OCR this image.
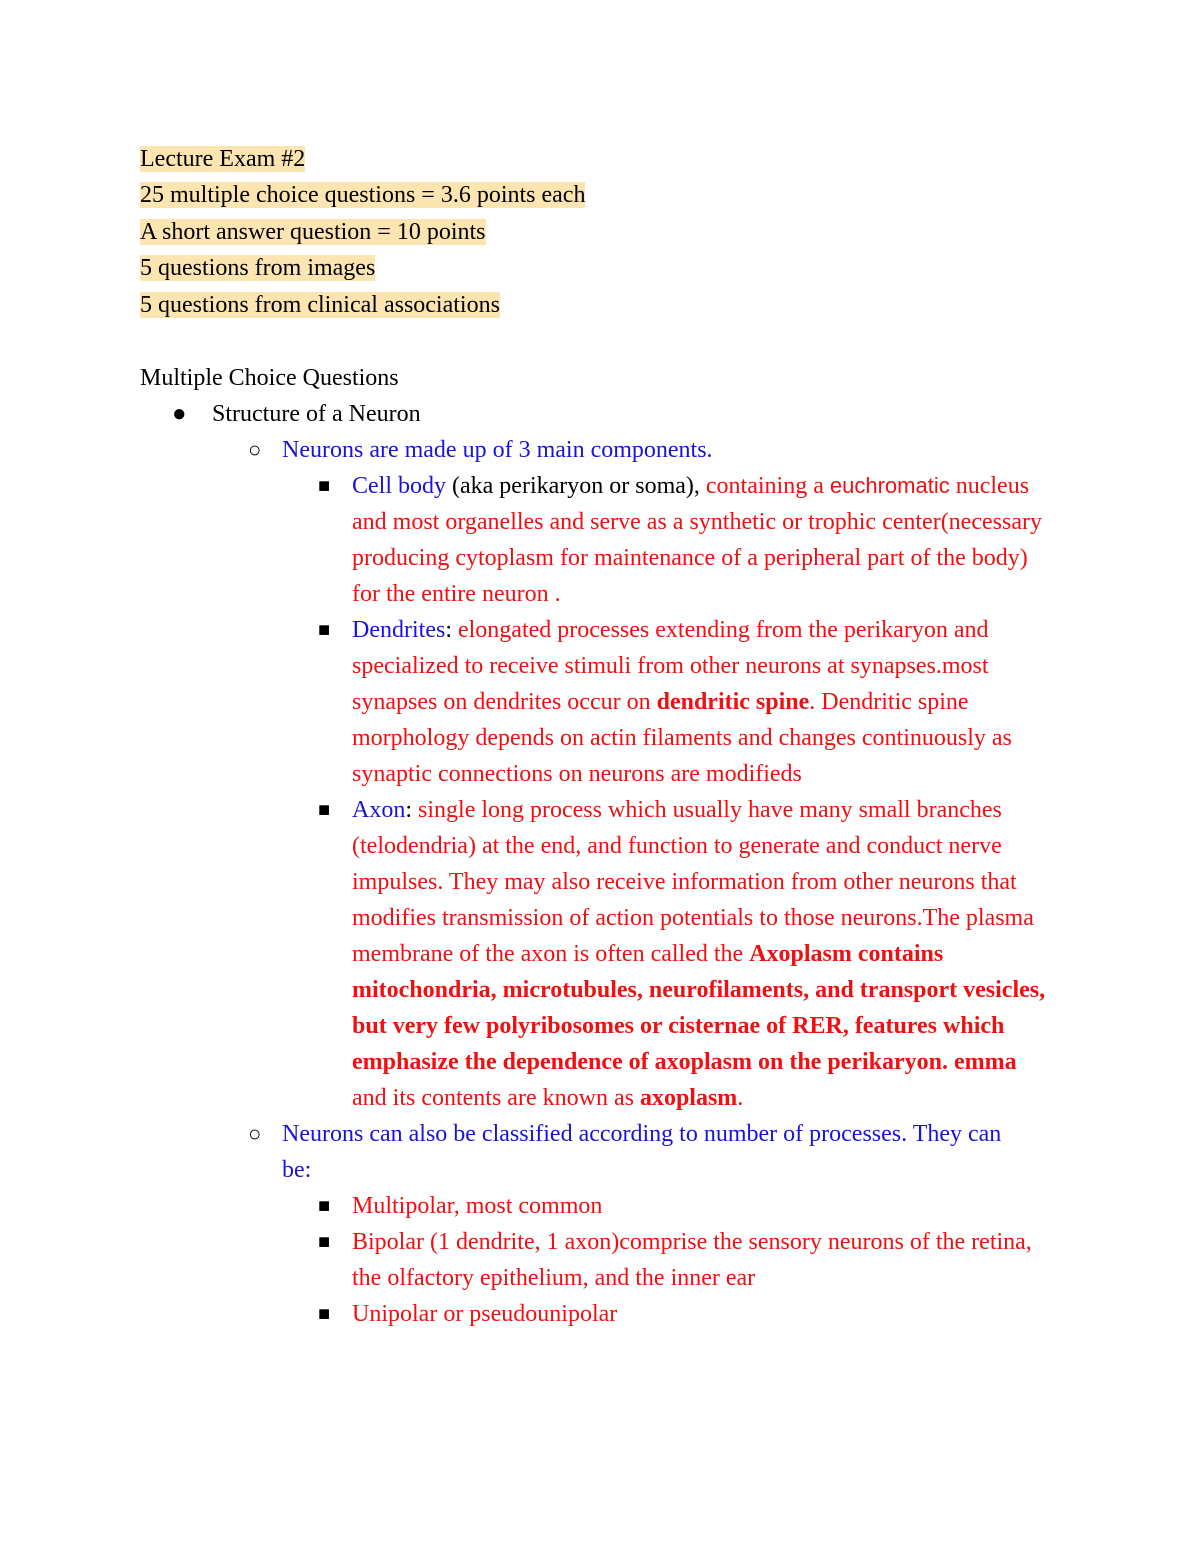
Lecture Exam #2
25 multiple choice questions = 3.6 points each
A short answer question = 10 points
5 questions from images
5 questions from clinical associations
Multiple Choice Questions
● Structure of a Neuron
○ Neurons are made up of 3 main components.
■ Cell body (aka perikaryon or soma), containing a euchromatic nucleus and most organelles and serve as a synthetic or trophic center(necessary producing cytoplasm for maintenance of a peripheral part of the body) for the entire neuron .
■ Dendrites: elongated processes extending from the perikaryon and specialized to receive stimuli from other neurons at synapses.most synapses on dendrites occur on dendritic spine. Dendritic spine morphology depends on actin filaments and changes continuously as synaptic connections on neurons are modifieds
■ Axon: single long process which usually have many small branches (telodendria) at the end, and function to generate and conduct nerve impulses. They may also receive information from other neurons that modifies transmission of action potentials to those neurons.The plasma membrane of the axon is often called the Axoplasm contains mitochondria, microtubules, neurofilaments, and transport vesicles, but very few polyribosomes or cisternae of RER, features which emphasize the dependence of axoplasm on the perikaryon. emma and its contents are known as axoplasm.
○ Neurons can also be classified according to number of processes. They can be:
■ Multipolar, most common
■ Bipolar (1 dendrite, 1 axon)comprise the sensory neurons of the retina, the olfactory epithelium, and the inner ear
■ Unipolar or pseudounipolar
